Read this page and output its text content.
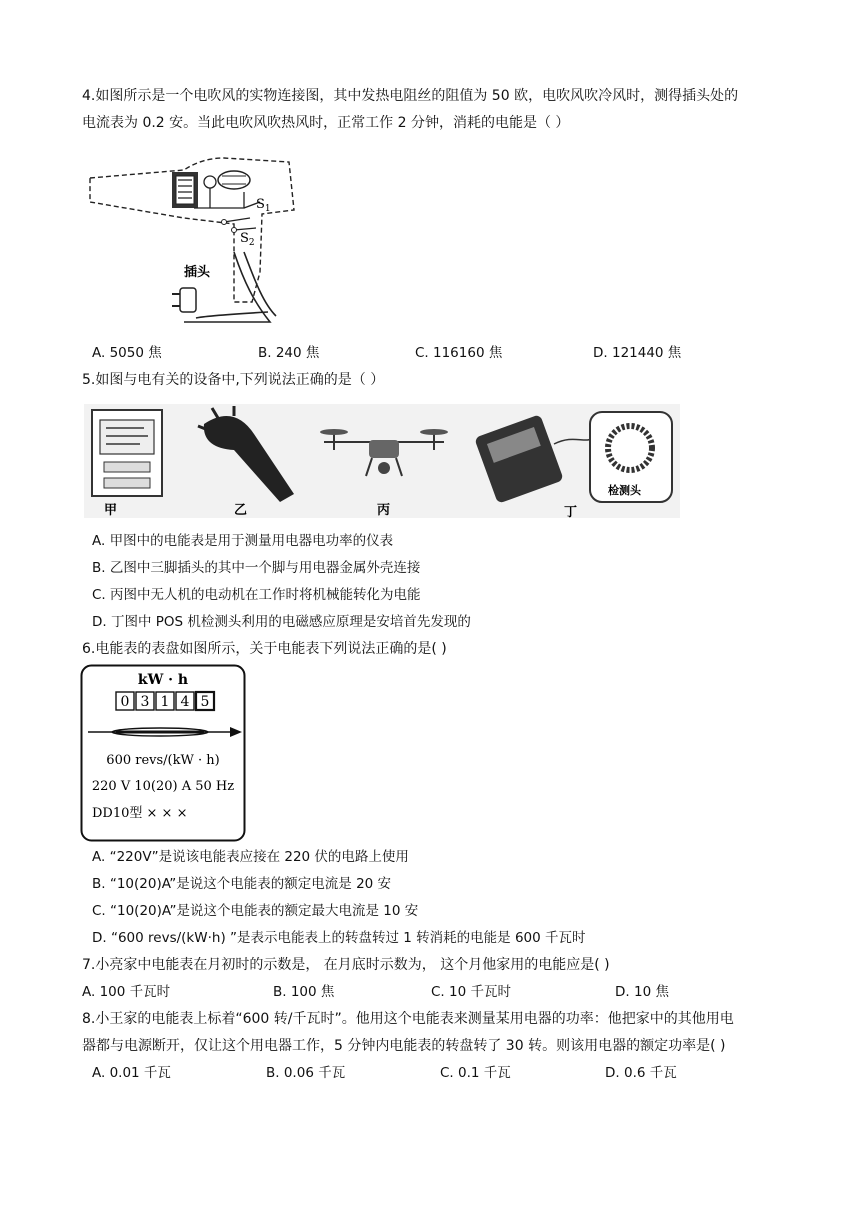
4.如图所示是一个电吹风的实物连接图，其中发热电阻丝的阻值为 50 欧，电吹风吹冷风时，测得插头处的
电流表为 0.2 安。当此电吹风吹热风时，正常工作 2 分钟，消耗的电能是（ ）
$S_1$
$S_2$
插头
A. 5050 焦	B. 240 焦	C. 116160 焦	D. 121440 焦
5.如图与电有关的设备中,下列说法正确的是（ ）
甲	乙	丙
检测头
丁
A. 甲图中的电能表是用于测量用电器电功率的仪表
B. 乙图中三脚插头的其中一个脚与用电器金属外壳连接
C. 丙图中无人机的电动机在工作时将机械能转化为电能
D. 丁图中 POS 机检测头利用的电磁感应原理是安培首先发现的
6.电能表的表盘如图所示，关于电能表下列说法正确的是( )
kW · h
0 3 1 4 5
600 revs/(kW · h)
220 V 10(20) A 50 Hz
DD10型 × × ×
A. “220V”是说该电能表应接在 220 伏的电路上使用
B. “10(20)A”是说这个电能表的额定电流是 20 安
C. “10(20)A”是说这个电能表的额定最大电流是 10 安
D. “600 revs/(kW·h) ”是表示电能表上的转盘转过 1 转消耗的电能是 600 千瓦时
7.小亮家中电能表在月初时的示数是， 在月底时示数为， 这个月他家用的电能应是( )
A. 100 千瓦时	B. 100 焦	C. 10 千瓦时	D. 10 焦
8.小王家的电能表上标着“600 转/千瓦时”。他用这个电能表来测量某用电器的功率：他把家中的其他用电
器都与电源断开，仅让这个用电器工作，5 分钟内电能表的转盘转了 30 转。则该用电器的额定功率是( )
A. 0.01 千瓦	B. 0.06 千瓦	C. 0.1 千瓦	D. 0.6 千瓦
